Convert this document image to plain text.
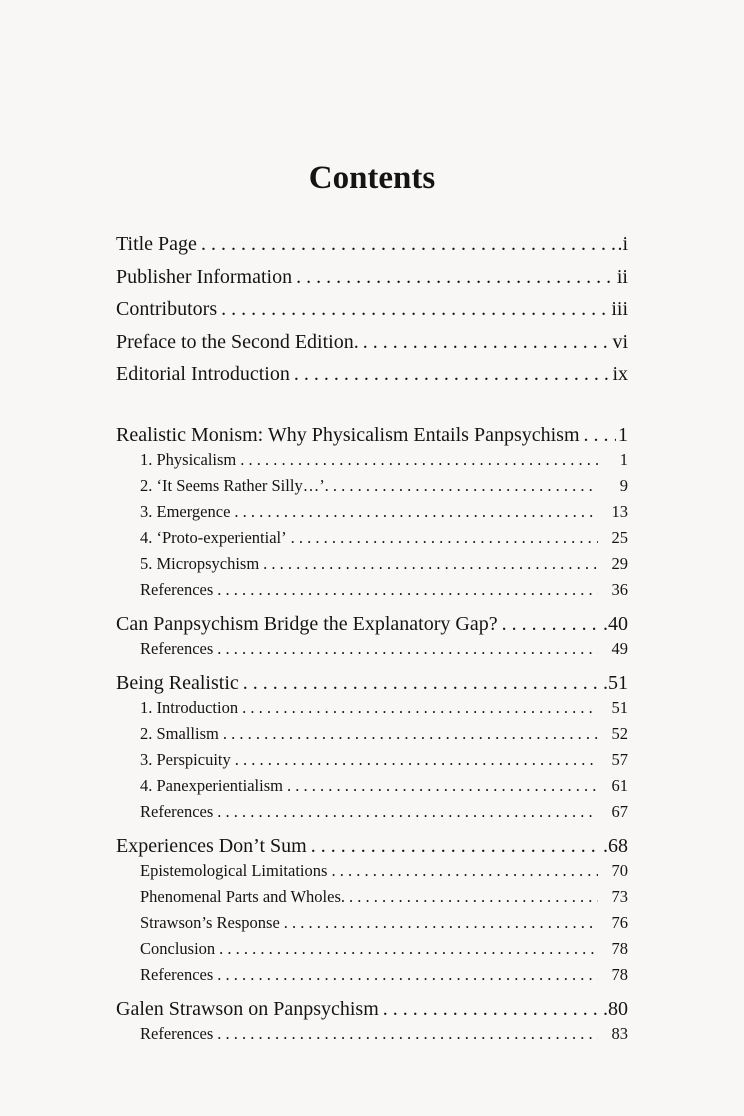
Contents
Title Page . . .	.i
Publisher Information . . .	ii
Contributors . . .	iii
Preface to the Second Edition. . . .	vi
Editorial Introduction . . .	ix
Realistic Monism: Why Physicalism Entails Panpsychism . . . 1
1. Physicalism . . .	1
2. ‘It Seems Rather Silly…’. . . .	9
3. Emergence . . .	13
4. ‘Proto-experiential’ . . .	25
5. Micropsychism . . .	29
References . . .	36
Can Panpsychism Bridge the Explanatory Gap? . . .	.40
References . . .	49
Being Realistic . . .	.51
1. Introduction . . .	51
2. Smallism . . .	52
3. Perspicuity . . .	57
4. Panexperientialism . . .	61
References . . .	67
Experiences Don’t Sum . . .	.68
Epistemological Limitations . . .	70
Phenomenal Parts and Wholes. . . .	73
Strawson’s Response . . .	76
Conclusion . . .	78
References . . .	78
Galen Strawson on Panpsychism . . .	.80
References . . .	83
